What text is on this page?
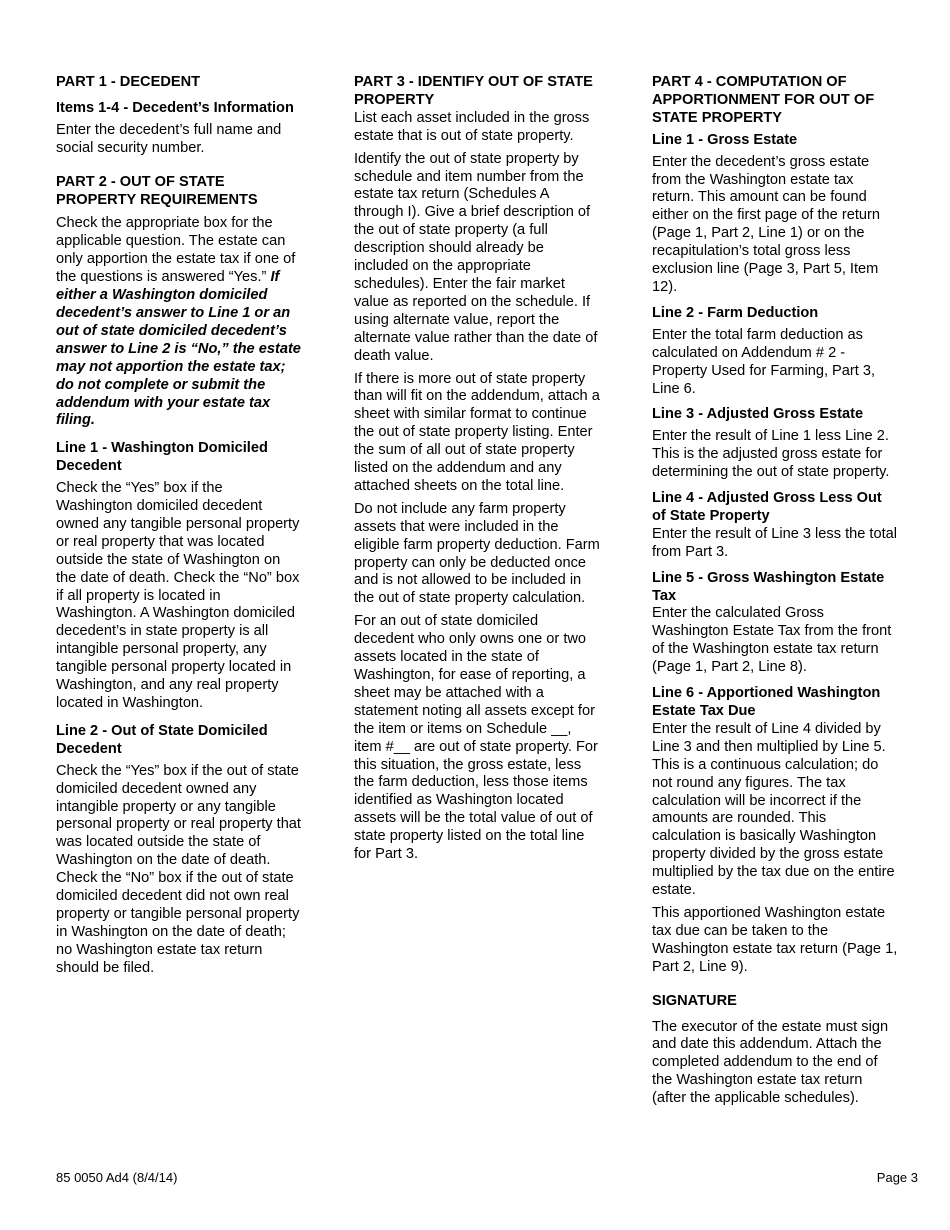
PART 1 - DECEDENT

Items 1-4 - Decedent’s Information

Enter the decedent’s full name and social security number.

PART 2 - OUT OF STATE PROPERTY REQUIREMENTS

Check the appropriate box for the applicable question. The estate can only apportion the estate tax if one of the questions is answered “Yes.” If either a Washington domiciled decedent’s answer to Line 1 or an out of state domiciled decedent’s answer to Line 2 is “No,” the estate may not apportion the estate tax; do not complete or submit the addendum with your estate tax filing.

Line 1 - Washington Domiciled Decedent

Check the “Yes” box if the Washington domiciled decedent owned any tangible personal property or real property that was located outside the state of Washington on the date of death. Check the “No” box if all property is located in Washington. A Washington domiciled decedent’s in state property is all intangible personal property, any tangible personal property located in Washington, and any real property located in Washington.

Line 2 - Out of State Domiciled Decedent

Check the “Yes” box if the out of state domiciled decedent owned any intangible property or any tangible personal property or real property that was located outside the state of Washington on the date of death. Check the “No” box if the out of state domiciled decedent did not own real property or tangible personal property in Washington on the date of death; no Washington estate tax return should be filed.

PART 3 - IDENTIFY OUT OF STATE PROPERTY

List each asset included in the gross estate that is out of state property.

Identify the out of state property by schedule and item number from the estate tax return (Schedules A through I). Give a brief description of the out of state property (a full description should already be included on the appropriate schedules). Enter the fair market value as reported on the schedule. If using alternate value, report the alternate value rather than the date of death value.

If there is more out of state property than will fit on the addendum, attach a sheet with similar format to continue the out of state property listing. Enter the sum of all out of state property listed on the addendum and any attached sheets on the total line.

Do not include any farm property assets that were included in the eligible farm property deduction. Farm property can only be deducted once and is not allowed to be included in the out of state property calculation.

For an out of state domiciled decedent who only owns one or two assets located in the state of Washington, for ease of reporting, a sheet may be attached with a statement noting all assets except for the item or items on Schedule __, item #__ are out of state property. For this situation, the gross estate, less the farm deduction, less those items identified as Washington located assets will be the total value of out of state property listed on the total line for Part 3.

PART 4 - COMPUTATION OF APPORTIONMENT FOR OUT OF STATE PROPERTY

Line 1 - Gross Estate

Enter the decedent’s gross estate from the Washington estate tax return. This amount can be found either on the first page of the return (Page 1, Part 2, Line 1) or on the recapitulation’s total gross less exclusion line (Page 3, Part 5, Item 12).

Line 2 - Farm Deduction

Enter the total farm deduction as calculated on Addendum # 2 - Property Used for Farming, Part 3, Line 6.

Line 3 - Adjusted Gross Estate

Enter the result of Line 1 less Line 2. This is the adjusted gross estate for determining the out of state property.

Line 4 - Adjusted Gross Less Out of State Property

Enter the result of Line 3 less the total from Part 3.

Line 5 - Gross Washington Estate Tax

Enter the calculated Gross Washington Estate Tax from the front of the Washington estate tax return (Page 1, Part 2, Line 8).

Line 6 - Apportioned Washington Estate Tax Due

Enter the result of Line 4 divided by Line 3 and then multiplied by Line 5. This is a continuous calculation; do not round any figures. The tax calculation will be incorrect if the amounts are rounded. This calculation is basically Washington property divided by the gross estate multiplied by the tax due on the entire estate.

This apportioned Washington estate tax due can be taken to the Washington estate tax return (Page 1, Part 2, Line 9).

SIGNATURE

The executor of the estate must sign and date this addendum. Attach the completed addendum to the end of the Washington estate tax return (after the applicable schedules).

85 0050 Ad4 (8/4/14)	Page 3
